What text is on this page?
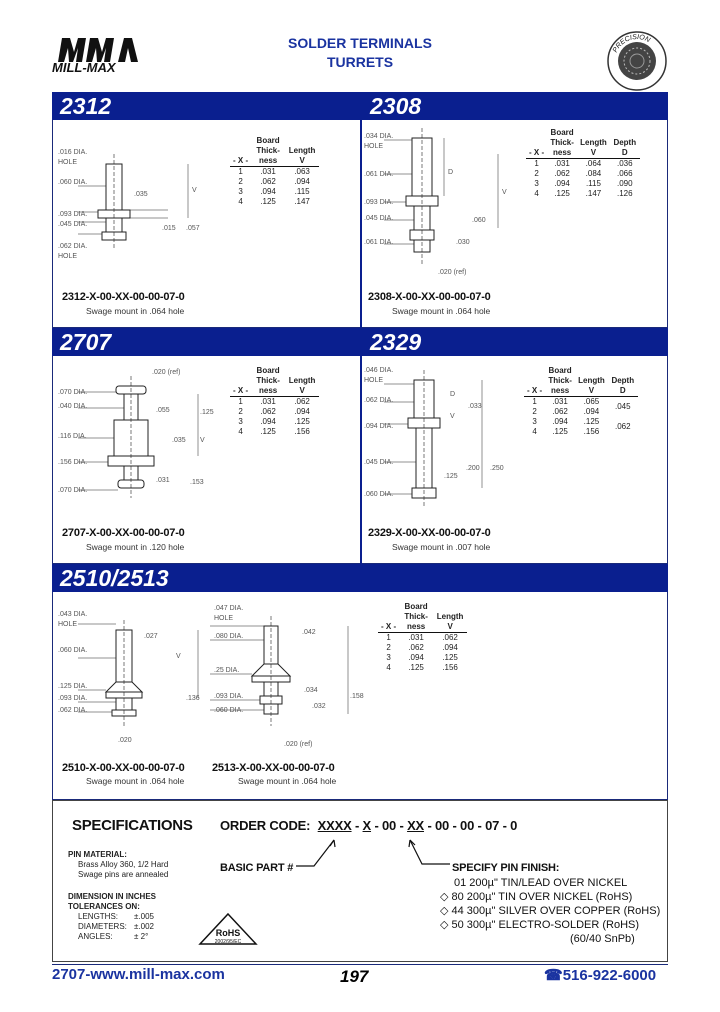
MILL-MAX
SOLDER TERMINALS
TURRETS
PRECISION
2312	2308
.016 DIA.
HOLE
.060 DIA.
.035
V
.093 DIA.
.045 DIA.
.062 DIA.
HOLE
.015 .057
- X -	Board Thick-ness	Length V
1	.031	.063
2	.062	.094
3	.094	.115
4	.125	.147
2312-X-00-XX-00-00-07-0
Swage mount in .064 hole
.034 DIA.
HOLE
.061 DIA.	D
V
.093 DIA.
.045 DIA.
.061 DIA.
.060
.030
.020 (ref)
- X -	Board Thick-ness	Length V	Depth D
1	.031	.064	.036
2	.062	.084	.066
3	.094	.115	.090
4	.125	.147	.126
2308-X-00-XX-00-00-07-0
Swage mount in .064 hole
2707	2329
.020 (ref)
.070 DIA.
.040 DIA.
.055	.125
.116 DIA.
.035 V
.156 DIA.
.070 DIA.
.031	.153
- X -	Board Thick-ness	Length V
1	.031	.062
2	.062	.094
3	.094	.125
4	.125	.156
2707-X-00-XX-00-00-07-0
Swage mount in .120 hole
.046 DIA.
HOLE
.062 DIA.
D
V
.033
.094 DIA.
.045 DIA.
.125
.200 .250
.060 DIA.
- X -	Board Thick-ness	Length V	Depth D
1	.031	.065	.045
2	.062	.094	
3	.094	.125	.062
4	.125	.156	
2329-X-00-XX-00-00-07-0
Swage mount in .007 hole
2510/2513
.043 DIA.
HOLE
.060 DIA.
.027
V
.125 DIA.
.093 DIA.
.062 DIA.
.136
.020
.047 DIA.
HOLE
.080 DIA.
.042
.25 DIA.
.093 DIA.
.060 DIA.
.034
.032
.158
.020 (ref)
- X -	Board Thick-ness	Length V
1	.031	.062
2	.062	.094
3	.094	.125
4	.125	.156
2510-X-00-XX-00-00-07-0
Swage mount in .064 hole
2513-X-00-XX-00-00-07-0
Swage mount in .064 hole
SPECIFICATIONS
PIN MATERIAL:
Brass Alloy 360, 1/2 Hard
Swage pins are annealed
DIMENSION IN INCHES
TOLERANCES ON:
LENGTHS: ±.005
DIAMETERS: ±.002
ANGLES:	± 2°	RoHS
2002/95/EC
ORDER CODE: XXXX - X - 00 - XX - 00 - 00 - 07 - 0
BASIC PART #	SPECIFY PIN FINISH:
01 200µ" TIN/LEAD OVER NICKEL
◇ 80 200µ" TIN OVER NICKEL (RoHS)
◇ 44 300µ" SILVER OVER COPPER (RoHS)
◇ 50 300µ" ELECTRO-SOLDER (RoHS)
(60/40 SnPb)
2707-www.mill-max.com	197	☎516-922-6000
